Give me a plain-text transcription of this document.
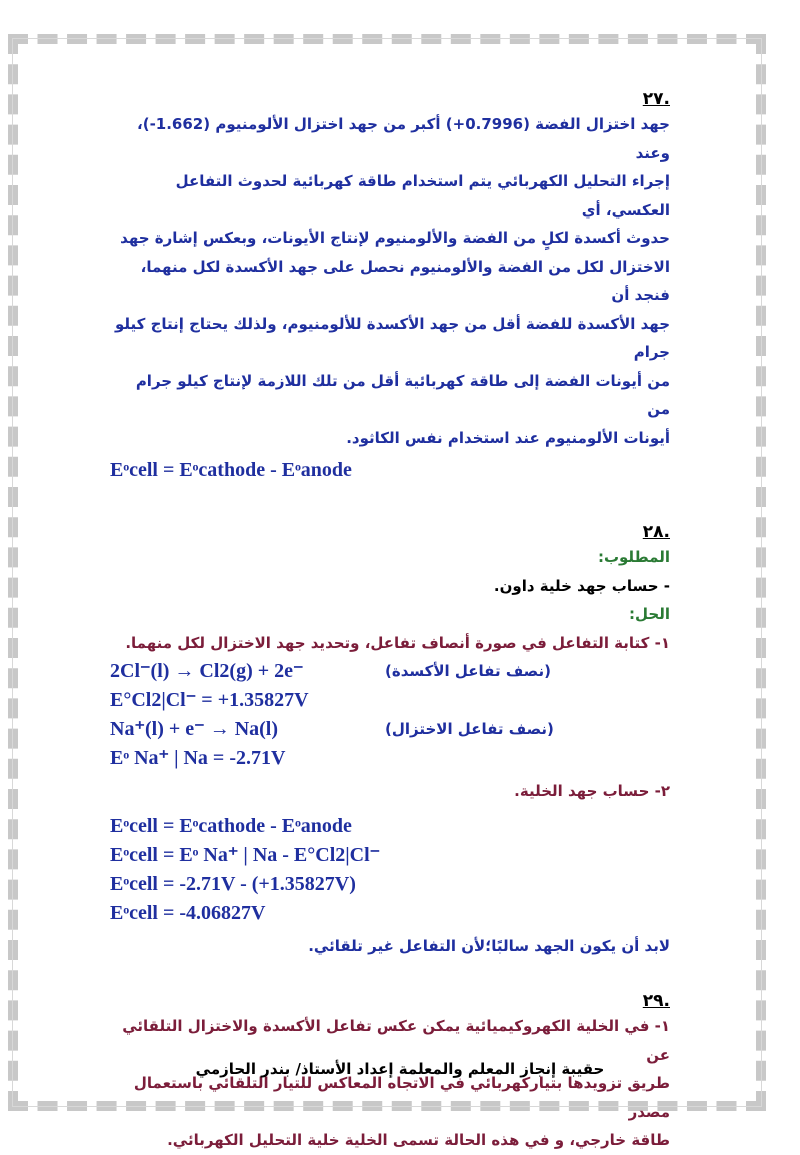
.٢٧
جهد اختزال الفضة (0.7996+) أكبر من جهد اختزال الألومنيوم (1.662-)، وعند
إجراء التحليل الكهربائي يتم استخدام طاقة كهربائية لحدوث التفاعل العكسي، أي
حدوث أكسدة لكلٍ من الفضة والألومنيوم لإنتاج الأيونات، وبعكس إشارة جهد
الاختزال لكل من الفضة والألومنيوم نحصل على جهد الأكسدة لكل منهما، فنجد أن
جهد الأكسدة للفضة أقل من جهد الأكسدة للألومنيوم، ولذلك يحتاج إنتاج كيلو جرام
من أيونات الفضة إلى طاقة كهربائية أقل من تلك اللازمة لإنتاج كيلو جرام من
أيونات الألومنيوم عند استخدام نفس الكاثود.
Eᵒcell = Eᵒcathode - Eᵒanode
.٢٨
المطلوب:
- حساب جهد خلية داون.
الحل:
١- كتابة التفاعل في صورة أنصاف تفاعل، وتحديد جهد الاختزال لكل منهما.
2Cl⁻(l) → Cl2(g) + 2e⁻	(نصف تفاعل الأكسدة)
E°Cl2|Cl⁻ = +1.35827V
Na⁺(l) + e⁻ → Na(l)	(نصف تفاعل الاختزال)
Eᵒ Na⁺ | Na = -2.71V
٢- حساب جهد الخلية.
Eᵒcell = Eᵒcathode - Eᵒanode
Eᵒcell = Eᵒ Na⁺ | Na - E°Cl2|Cl⁻
Eᵒcell = -2.71V - (+1.35827V)
Eᵒcell = -4.06827V
لابد أن يكون الجهد سالبًا؛لأن التفاعل غير تلقائي.
.٢٩
١- في الخلية الكهروكيميائية يمكن عكس تفاعل الأكسدة والاختزال التلقائي عن
طريق تزويدها بتياركهربائي في الاتجاه المعاكس للتيار التلقائي باستعمال مصدر
طاقة خارجي، و في هذه الحالة تسمى الخلية خلية التحليل الكهربائي.
حقيبة إنجاز المعلم والمعلمة إعداد الأستاذ/ بندر الحازمي
